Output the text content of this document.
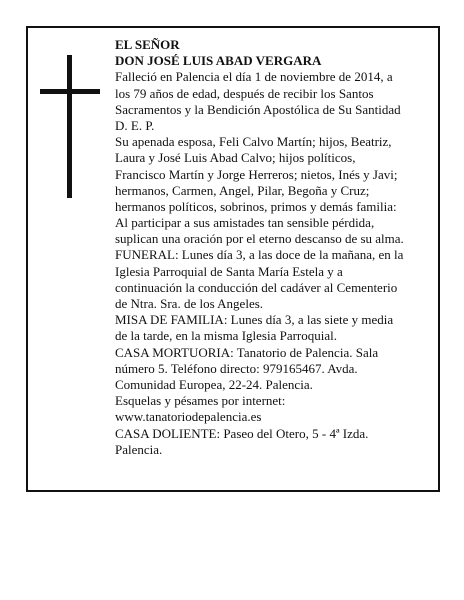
EL SEÑOR
DON JOSÉ LUIS ABAD VERGARA
Falleció en Palencia el día 1 de noviembre de 2014, a
los 79 años de edad, después de recibir los Santos
Sacramentos y la Bendición Apostólica de Su Santidad
D. E. P.
Su apenada esposa, Feli Calvo Martín; hijos, Beatriz,
Laura y José Luis Abad Calvo; hijos políticos,
Francisco Martín y Jorge Herreros; nietos, Inés y Javi;
hermanos, Carmen, Angel, Pilar, Begoña y Cruz;
hermanos políticos, sobrinos, primos y demás familia:
Al participar a sus amistades tan sensible pérdida,
suplican una oración por el eterno descanso de su alma.
FUNERAL: Lunes día 3, a las doce de la mañana, en la
Iglesia Parroquial de Santa María Estela y a
continuación la conducción del cadáver al Cementerio
de Ntra. Sra. de los Angeles.
MISA DE FAMILIA: Lunes día 3, a las siete y media
de la tarde, en la misma Iglesia Parroquial.
CASA MORTUORIA: Tanatorio de Palencia. Sala
número 5. Teléfono directo: 979165467. Avda.
Comunidad Europea, 22-24. Palencia.
Esquelas y pésames por internet:
www.tanatoriodepalencia.es
CASA DOLIENTE: Paseo del Otero, 5 - 4ª Izda.
Palencia.
